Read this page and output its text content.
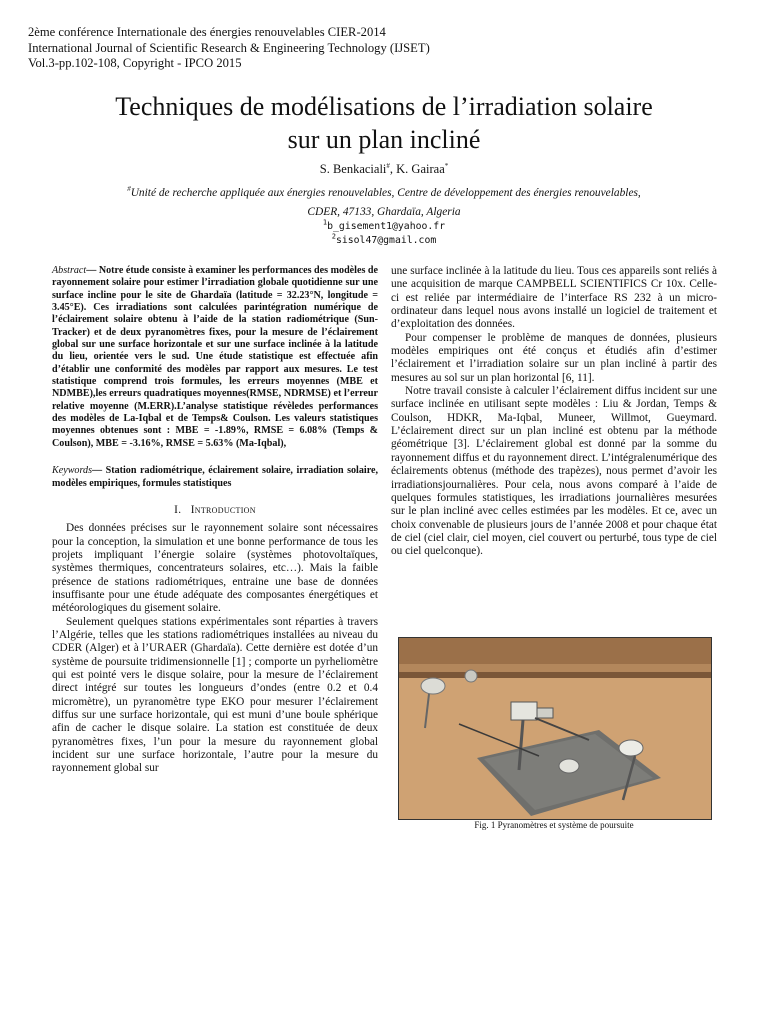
2ème conférence Internationale des énergies renouvelables CIER-2014
International Journal of Scientific Research & Engineering Technology (IJSET)
Vol.3-pp.102-108, Copyright - IPCO 2015
Techniques de modélisations de l’irradiation solaire
sur un plan incliné
S. Benkaciali#, K. Gairaa*
#Unité de recherche appliquée aux énergies renouvelables, Centre de développement des énergies renouvelables,
CDER, 47133, Ghardaïa, Algeria
$^1$b_gisement1@yahoo.fr
$^2$sisol47@gmail.com

Abstract— Notre étude consiste à examiner les performances des modèles de rayonnement solaire pour estimer l’irradiation globale quotidienne sur une surface incline pour le site de Ghardaïa (latitude = 32.23°N, longitude = 3.45°E). Ces irradiations sont calculées parintégration numérique de l’éclairement solaire obtenu à l’aide de la station radiométrique (Sun-Tracker) et de deux pyranomètres fixes, pour la mesure de l’éclairement global sur une surface horizontale et sur une surface inclinée à la latitude du lieu, orientée vers le sud. Une étude statistique est effectuée afin d’établir une conformité des modèles par rapport aux mesures. Le test statistique comprend trois formules, les erreurs moyennes (MBE et NDMBE),les erreurs quadratiques moyennes(RMSE, NDRMSE) et l’erreur relative moyenne (M.ERR).L’analyse statistique révèledes performances des modèles de La-Iqbal et de Temps& Coulson. Les valeurs statistiques moyennes obtenues sont : MBE = -1.89%, RMSE = 6.08% (Temps & Coulson), MBE = -3.16%, RMSE = 5.63% (Ma-Iqbal),

Keywords— Station radiométrique, éclairement solaire, irradiation solaire, modèles empiriques, formules statistiques

I. Introduction

Des données précises sur le rayonnement solaire sont nécessaires pour la conception, la simulation et une bonne performance de tous les projets impliquant l’énergie solaire (systèmes photovoltaïques, systèmes thermiques, concentrateurs solaires, etc…). Mais la faible présence de stations radiométriques, entraine une base de données insuffisante pour une étude adéquate des composantes énergétiques et météorologiques du gisement solaire.

Seulement quelques stations expérimentales sont réparties à travers l’Algérie, telles que les stations radiométriques installées au niveau du CDER (Alger) et à l’URAER (Ghardaïa). Cette dernière est dotée d’un système de poursuite tridimensionnelle [1] ; comporte un pyrheliomètre qui est pointé vers le disque solaire, pour la mesure de l’éclairement direct intégré sur toutes les longueurs d’ondes (entre 0.2 et 0.4 micromètre), un pyranomètre type EKO pour mesurer l’éclairement diffus sur une surface horizontale, qui est muni d’une boule sphérique afin de cacher le disque solaire. La station est constituée de deux pyranomètres fixes, l’un pour la mesure du rayonnement global incident sur une surface horizontale, l’autre pour la mesure du rayonnement global sur

une surface inclinée à la latitude du lieu. Tous ces appareils sont reliés à une acquisition de marque CAMPBELL SCIENTIFICS Cr 10x. Celle-ci est reliée par intermédiaire de l’interface RS 232 à un micro-ordinateur dans lequel nous avons installé un logiciel de traitement et d’exploitation des données.

Pour compenser le problème de manques de données, plusieurs modèles empiriques ont été conçus et étudiés afin d’estimer l’éclairement et l’irradiation solaire sur un plan incliné à partir des mesures au sol sur un plan horizontal [6, 11].

Notre travail consiste à calculer l’éclairement diffus incident sur une surface inclinée en utilisant septe modèles : Liu & Jordan, Temps & Coulson, HDKR, Ma-Iqbal, Muneer, Willmot, Gueymard. L’éclairement direct sur un plan incliné est obtenu par la méthode géométrique [3]. L’éclairement global est donné par la somme du rayonnement diffus et du rayonnement direct. L’intégralenumérique des éclairements obtenus (méthode des trapèzes), nous permet d’avoir les irradiationsjournalières. Pour cela, nous avons comparé à l’aide de quelques formules statistiques, les irradiations journalières mesurées sur le plan incliné avec celles estimées par les modèles. Et ce, avec un choix convenable de plusieurs jours de l’année 2008 et pour chaque état de ciel (ciel clair, ciel moyen, ciel couvert ou perturbé, tous type de ciel ou ciel quelconque).

Fig. 1 Pyranomètres et système de poursuite
